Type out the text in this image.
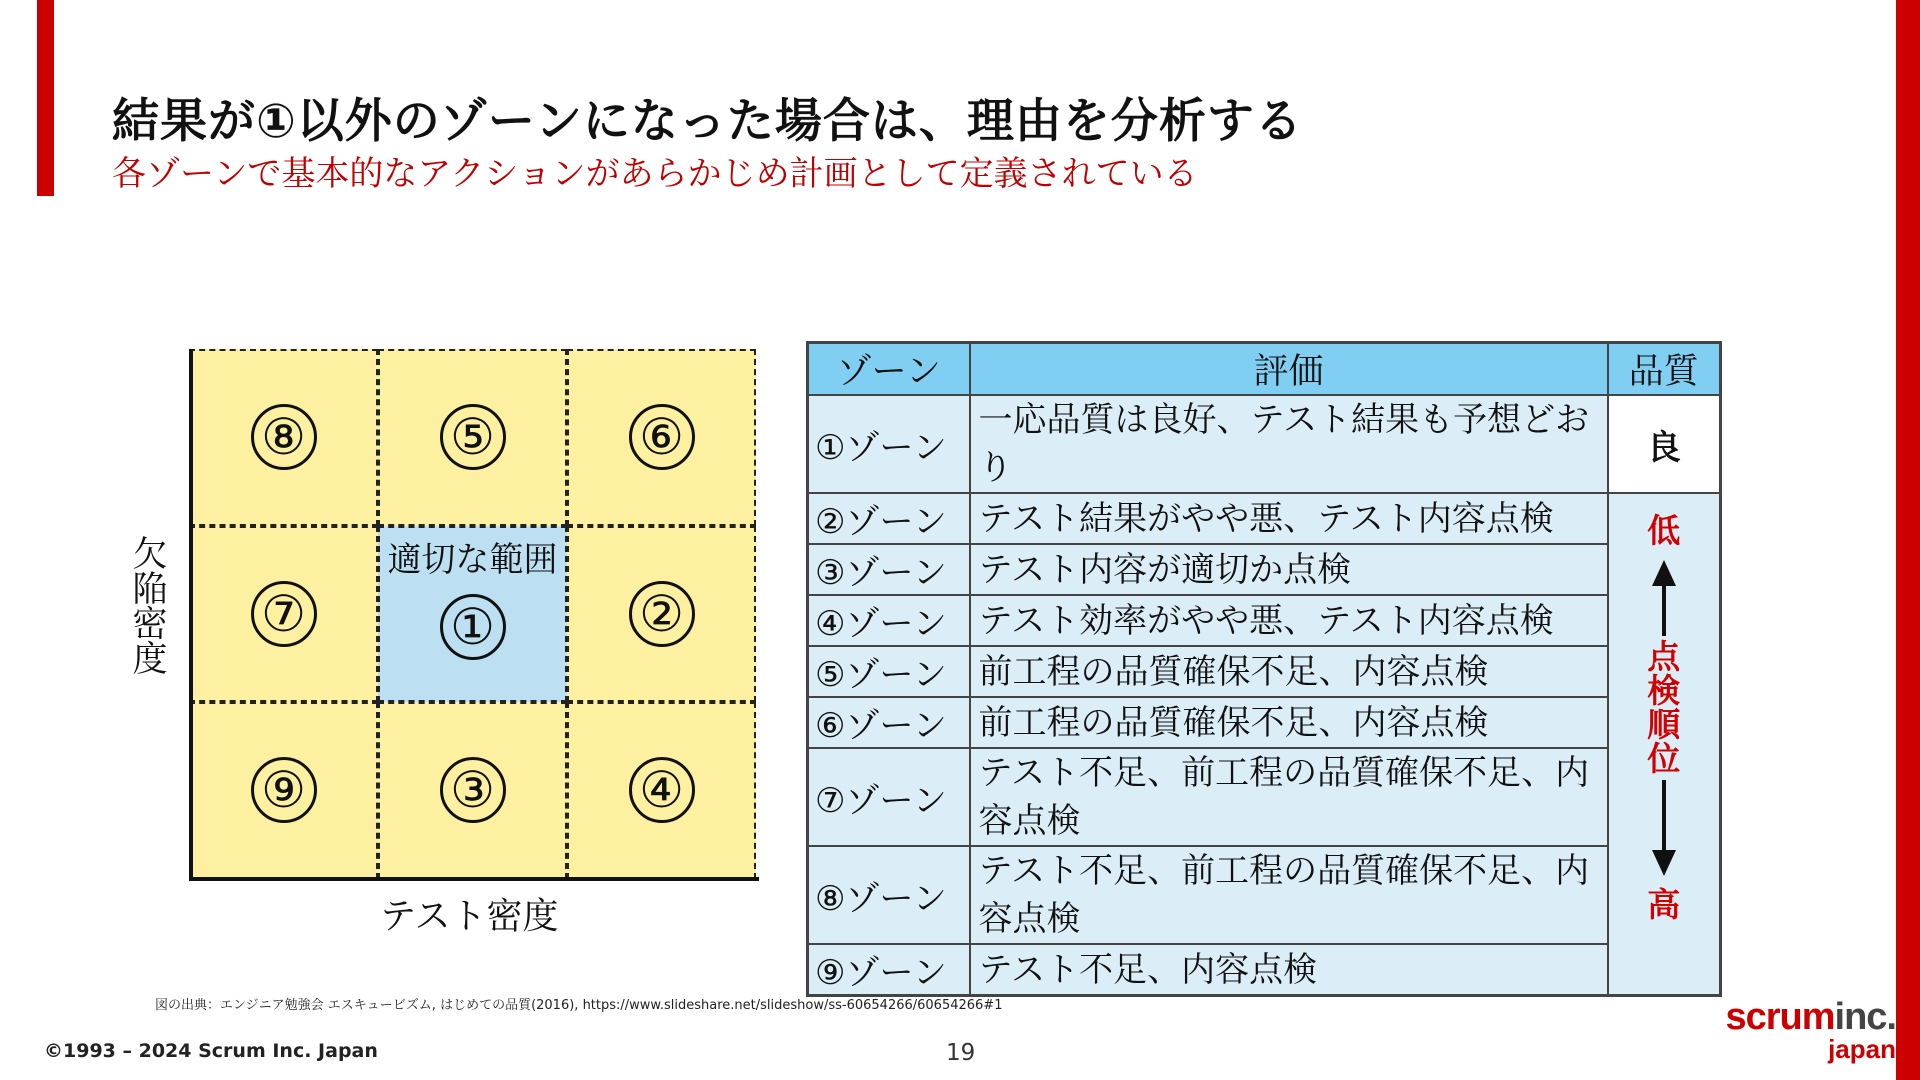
結果が①以外のゾーンになった場合は、理由を分析する
各ゾーンで基本的なアクションがあらかじめ計画として定義されている
⑧	⑤	⑥
⑦
適切な範囲
①	②
⑨	③	④
欠陥密度
テスト密度
ゾーン	評価	品質
①ゾーン	一応品質は良好、テスト結果も予想どおり	良
②ゾーン	テスト結果がやや悪、テスト内容点検	低
点検順位
高

③ゾーン	テスト内容が適切か点検	
④ゾーン	テスト効率がやや悪、テスト内容点検	
⑤ゾーン	前工程の品質確保不足、内容点検	
⑥ゾーン	前工程の品質確保不足、内容点検	
⑦ゾーン	テスト不足、前工程の品質確保不足、内容点検	
⑧ゾーン	テスト不足、前工程の品質確保不足、内容点検	
⑨ゾーン	テスト不足、内容点検	
図の出典：エンジニア勉強会 エスキュービズム, はじめての品質(2016), https://www.slideshare.net/slideshow/ss-60654266/60654266#1
©1993 – 2024 Scrum Inc. Japan	19
scruminc.
japan
